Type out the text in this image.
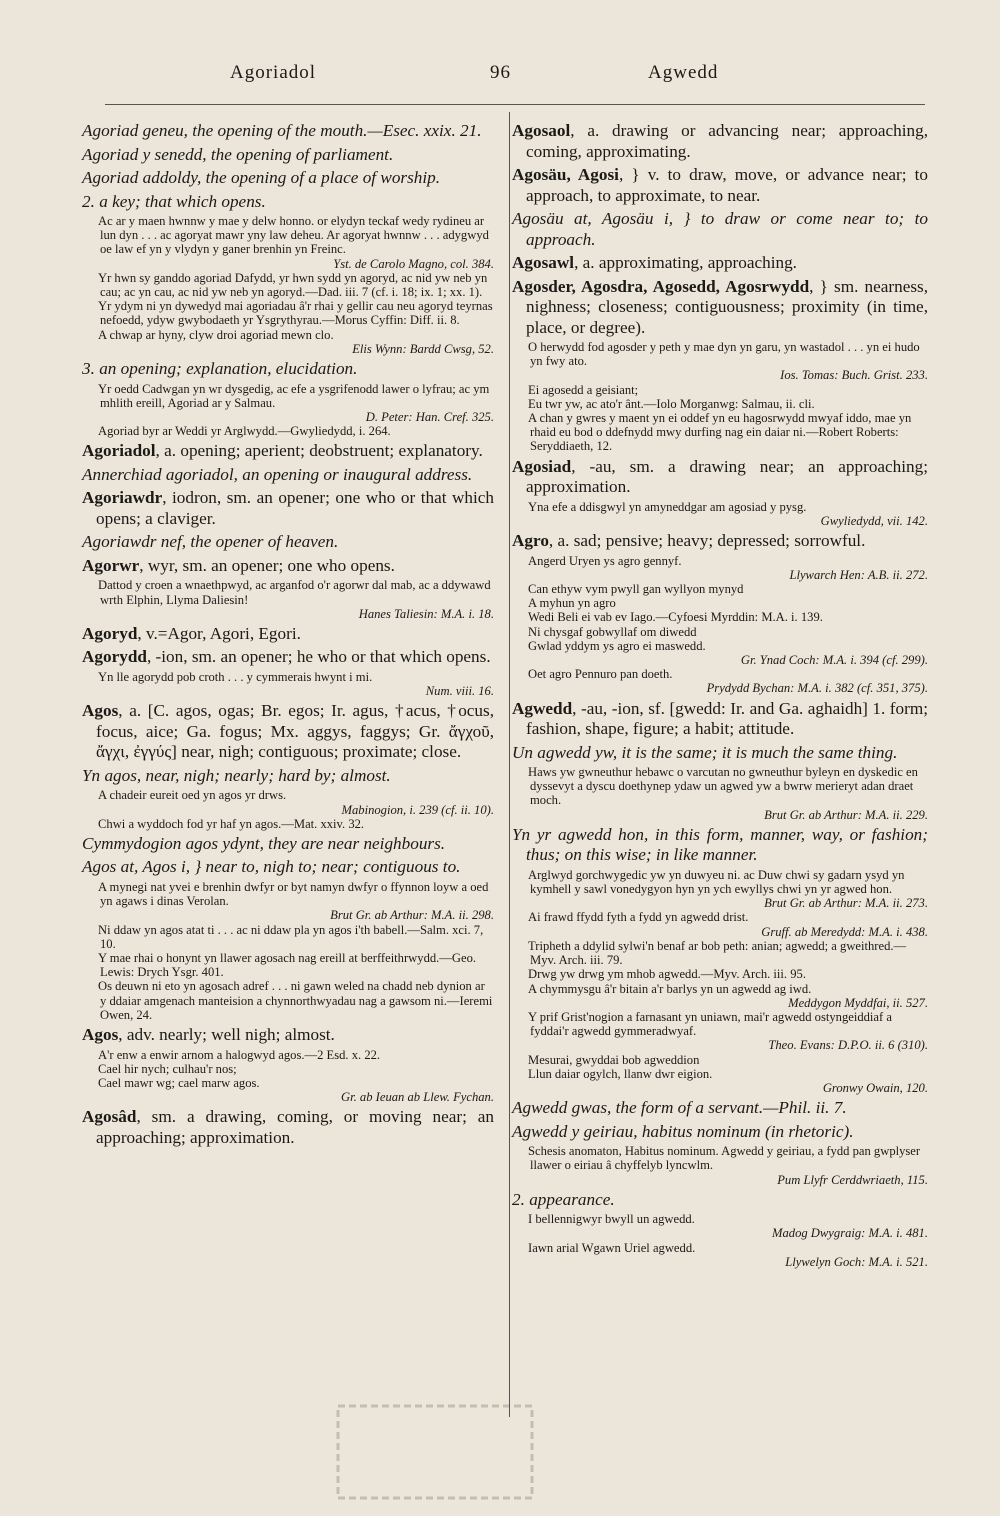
Agoriadol	96	Agwedd

Agoriad geneu, the opening of the mouth.—Esec. xxix. 21.

Agoriad y senedd, the opening of parliament.

Agoriad addoldy, the opening of a place of worship.

2. a key; that which opens.

Ac ar y maen hwnnw y mae y delw honno. or elydyn teckaf wedy rydineu ar lun dyn . . . ac agoryat mawr yny law deheu. Ar agoryat hwnnw . . . adygwyd oe law ef yn y vlydyn y ganer brenhin yn Freinc.

Yst. de Carolo Magno, col. 384.

Yr hwn sy ganddo agoriad Dafydd, yr hwn sydd yn agoryd, ac nid yw neb yn cau; ac yn cau, ac nid yw neb yn agoryd.—Dad. iii. 7 (cf. i. 18; ix. 1; xx. 1).

Yr ydym ni yn dywedyd mai agoriadau â'r rhai y gellir cau neu agoryd teyrnas nefoedd, ydyw gwybodaeth yr Ysgrythyrau.—Morus Cyffin: Diff. ii. 8.

A chwap ar hyny, clyw droi agoriad mewn clo.

Elis Wynn: Bardd Cwsg, 52.

3. an opening; explanation, elucidation.

Yr oedd Cadwgan yn wr dysgedig, ac efe a ysgrifenodd lawer o lyfrau; ac ym mhlith ereill, Agoriad ar y Salmau.

D. Peter: Han. Cref. 325.

Agoriad byr ar Weddi yr Arglwydd.—Gwyliedydd, i. 264.

Agoriadol, a. opening; aperient; deobstruent; explanatory.

Annerchiad agoriadol, an opening or inaugural address.

Agoriawdr, iodron, sm. an opener; one who or that which opens; a claviger.

Agoriawdr nef, the opener of heaven.

Agorwr, wyr, sm. an opener; one who opens.

Dattod y croen a wnaethpwyd, ac arganfod o'r agorwr dal mab, ac a ddywawd wrth Elphin, Llyma Daliesin!

Hanes Taliesin: M.A. i. 18.

Agoryd, v.=Agor, Agori, Egori.

Agorydd, -ion, sm. an opener; he who or that which opens.

Yn lle agorydd pob croth . . . y cymmerais hwynt i mi.

Num. viii. 16.

Agos, a. [C. agos, ogas; Br. egos; Ir. agus, †acus, †ocus, focus, aice; Ga. fogus; Mx. aggys, faggys; Gr. ἄγχοῦ, ἄγχι, ἐγγύς] near, nigh; contiguous; proximate; close.

Yn agos, near, nigh; nearly; hard by; almost.

A chadeir eureit oed yn agos yr drws.

Mabinogion, i. 239 (cf. ii. 10).

Chwi a wyddoch fod yr haf yn agos.—Mat. xxiv. 32.

Cymmydogion agos ydynt, they are near neighbours.

Agos at, Agos i, } near to, nigh to; near; contiguous to.

A mynegi nat yvei e brenhin dwfyr or byt namyn dwfyr o ffynnon loyw a oed yn agaws i dinas Verolan.

Brut Gr. ab Arthur: M.A. ii. 298.

Ni ddaw yn agos atat ti . . . ac ni ddaw pla yn agos i'th babell.—Salm. xci. 7, 10.

Y mae rhai o honynt yn llawer agosach nag ereill at berffeithrwydd.—Geo. Lewis: Drych Ysgr. 401.

Os deuwn ni eto yn agosach adref . . . ni gawn weled na chadd neb dynion ar y ddaiar amgenach manteision a chynnorthwyadau nag a gawsom ni.—Ieremi Owen, 24.

Agos, adv. nearly; well nigh; almost.

A'r enw a enwir arnom a halogwyd agos.—2 Esd. x. 22.

Cael hir nych; culhau'r nos;

Cael mawr wg; cael marw agos.

Gr. ab Ieuan ab Llew. Fychan.

Agosâd, sm. a drawing, coming, or moving near; an approaching; approximation.

Agosaol, a. drawing or advancing near; approaching, coming, approximating.

Agosäu, Agosi, } v. to draw, move, or advance near; to approach, to approximate, to near.

Agosäu at, Agosäu i, } to draw or come near to; to approach.

Agosawl, a. approximating, approaching.

Agosder, Agosdra, Agosedd, Agosrwydd, } sm. nearness, nighness; closeness; contiguousness; proximity (in time, place, or degree).

O herwydd fod agosder y peth y mae dyn yn garu, yn wastadol . . . yn ei hudo yn fwy ato.

Ios. Tomas: Buch. Grist. 233.

Ei agosedd a geisiant;

Eu twr yw, ac ato'r ânt.—Iolo Morganwg: Salmau, ii. cli.

A chan y gwres y maent yn ei oddef yn eu hagosrwydd mwyaf iddo, mae yn rhaid eu bod o ddefnydd mwy durfing nag ein daiar ni.—Robert Roberts: Seryddiaeth, 12.

Agosiad, -au, sm. a drawing near; an approaching; approximation.

Yna efe a ddisgwyl yn amyneddgar am agosiad y pysg.

Gwyliedydd, vii. 142.

Agro, a. sad; pensive; heavy; depressed; sorrowful.

Angerd Uryen ys agro gennyf.

Llywarch Hen: A.B. ii. 272.

Can ethyw vym pwyll gan wyllyon mynyd

A myhun yn agro

Wedi Beli ei vab ev Iago.—Cyfoesi Myrddin: M.A. i. 139.

Ni chysgaf gobwyllaf om diwedd

Gwlad yddym ys agro ei maswedd.

Gr. Ynad Coch: M.A. i. 394 (cf. 299).

Oet agro Pennuro pan doeth.

Prydydd Bychan: M.A. i. 382 (cf. 351, 375).

Agwedd, -au, -ion, sf. [gwedd: Ir. and Ga. aghaidh] 1. form; fashion, shape, figure; a habit; attitude.

Un agwedd yw, it is the same; it is much the same thing.

Haws yw gwneuthur hebawc o varcutan no gwneuthur byleyn en dyskedic en dyssevyt a dyscu doethynep ydaw un agwed yw a bwrw merieryt adan draet moch.

Brut Gr. ab Arthur: M.A. ii. 229.

Yn yr agwedd hon, in this form, manner, way, or fashion; thus; on this wise; in like manner.

Arglwyd gorchwygedic yw yn duwyeu ni. ac Duw chwi sy gadarn ysyd yn kymhell y sawl vonedygyon hyn yn ych ewyllys chwi yn yr agwed hon.

Brut Gr. ab Arthur: M.A. ii. 273.

Ai frawd ffydd fyth a fydd yn agwedd drist.

Gruff. ab Meredydd: M.A. i. 438.

Tripheth a ddylid sylwi'n benaf ar bob peth: anian; agwedd; a gweithred.—Myv. Arch. iii. 79.

Drwg yw drwg ym mhob agwedd.—Myv. Arch. iii. 95.

A chymmysgu â'r bitain a'r barlys yn un agwedd ag iwd.

Meddygon Myddfai, ii. 527.

Y prif Grist'nogion a farnasant yn uniawn, mai'r agwedd ostyngeiddiaf a fyddai'r agwedd gymmeradwyaf.

Theo. Evans: D.P.O. ii. 6 (310).

Mesurai, gwyddai bob agweddion

Llun daiar ogylch, llanw dwr eigion.

Gronwy Owain, 120.

Agwedd gwas, the form of a servant.—Phil. ii. 7.

Agwedd y geiriau, habitus nominum (in rhetoric).

Schesis anomaton, Habitus nominum. Agwedd y geiriau, a fydd pan gwplyser llawer o eiriau â chyffelyb lyncwlm.

Pum Llyfr Cerddwriaeth, 115.

2. appearance.

I bellennigwyr bwyll un agwedd.

Madog Dwygraig: M.A. i. 481.

Iawn arial Wgawn Uriel agwedd.

Llywelyn Goch: M.A. i. 521.
